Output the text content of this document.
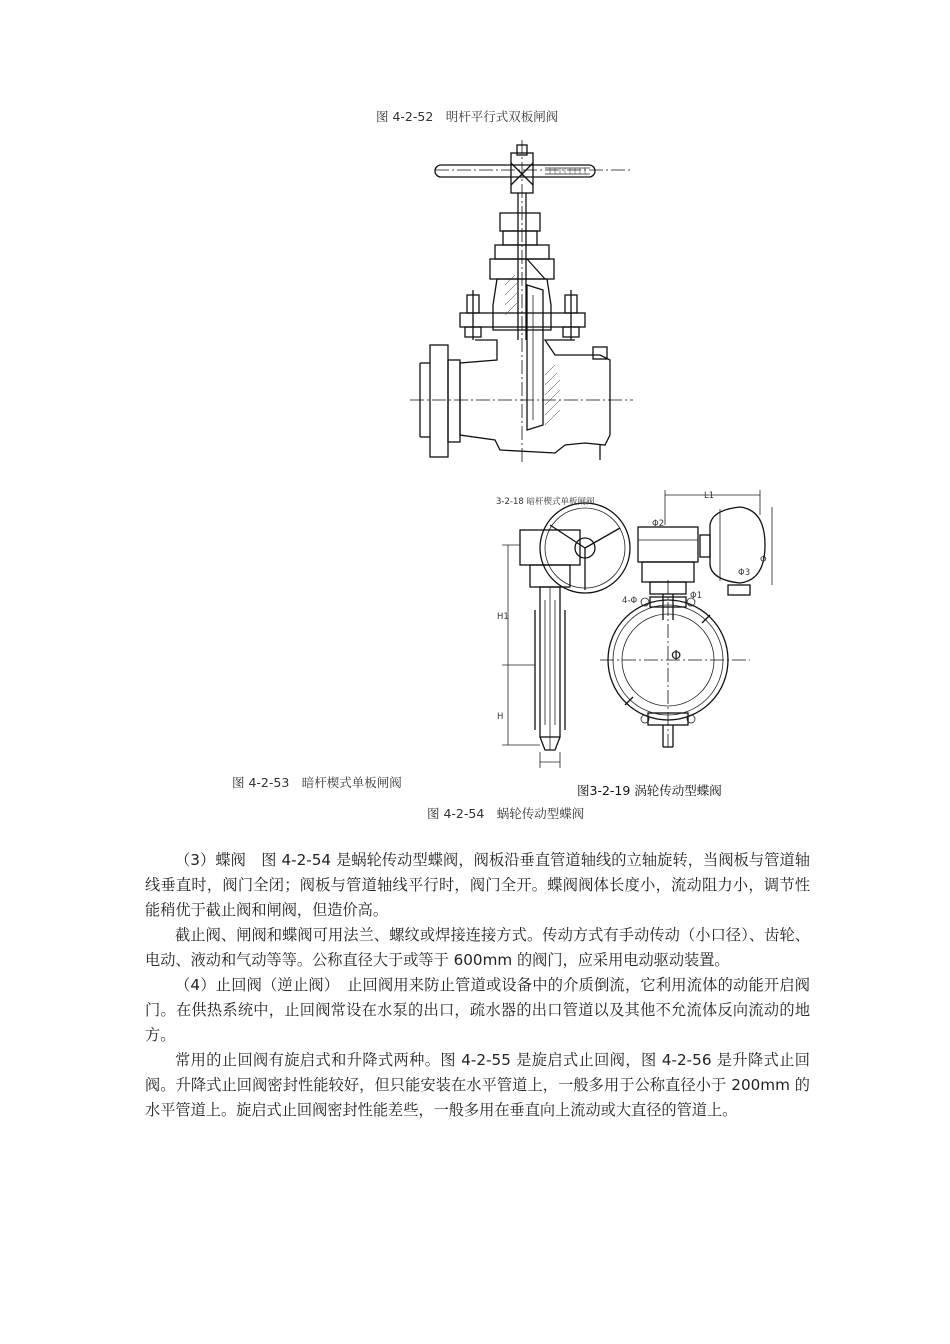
图 4-2-52　明杆平行式双板闸阀
L1
Φ2
Φ3
Φ1
Φ
4-Φ
Φ
H1
H
3-2-18 暗杆楔式单板闸阀
图 4-2-53　暗杆楔式单板闸阀
图3-2-19 涡轮传动型蝶阀
图 4-2-54　蜗轮传动型蝶阀

（3）蝶阀　图 4-2-54 是蜗轮传动型蝶阀，阀板沿垂直管道轴线的立轴旋转，当阀板与管道轴线垂直时，阀门全闭；阀板与管道轴线平行时，阀门全开。蝶阀阀体长度小，流动阻力小，调节性能稍优于截止阀和闸阀，但造价高。

截止阀、闸阀和蝶阀可用法兰、螺纹或焊接连接方式。传动方式有手动传动（小口径）、齿轮、电动、液动和气动等等。公称直径大于或等于 600mm 的阀门，应采用电动驱动装置。

（4）止回阀（逆止阀）　止回阀用来防止管道或设备中的介质倒流，它利用流体的动能开启阀门。在供热系统中，止回阀常设在水泵的出口，疏水器的出口管道以及其他不允流体反向流动的地方。

常用的止回阀有旋启式和升降式两种。图 4-2-55 是旋启式止回阀，图 4-2-56 是升降式止回阀。升降式止回阀密封性能较好，但只能安装在水平管道上，一般多用于公称直径小于 200mm 的水平管道上。旋启式止回阀密封性能差些，一般多用在垂直向上流动或大直径的管道上。
